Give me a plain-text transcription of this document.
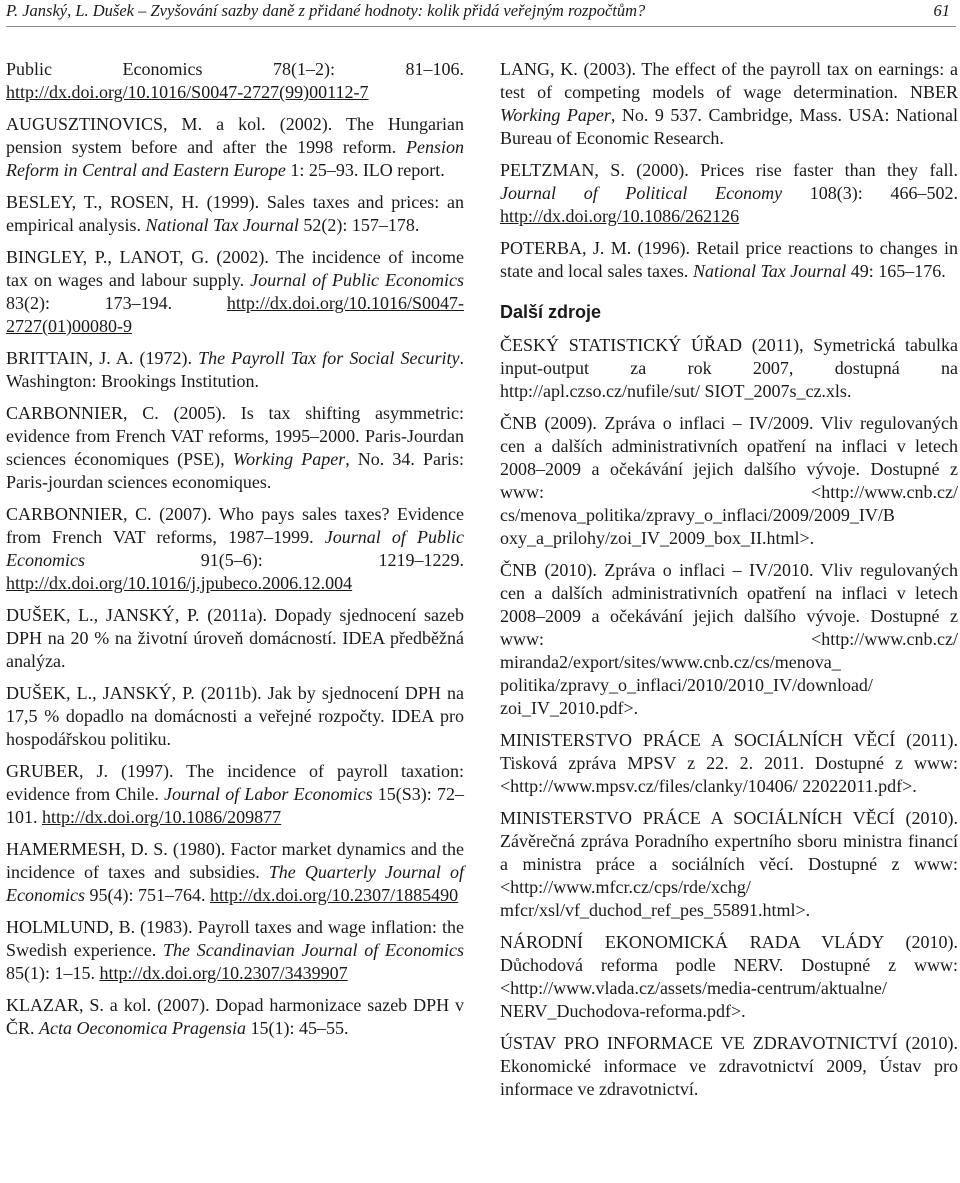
P. Janský, L. Dušek – Zvyšování sazby daně z přidané hodnoty: kolik přidá veřejným rozpočtům?	61
Public Economics 78(1–2): 81–106. http://dx.doi.org/10.1016/S0047-2727(99)00112-7
AUGUSZTINOVICS, M. a kol. (2002). The Hungarian pension system before and after the 1998 reform. Pension Reform in Central and Eastern Europe 1: 25–93. ILO report.
BESLEY, T., ROSEN, H. (1999). Sales taxes and prices: an empirical analysis. National Tax Journal 52(2): 157–178.
BINGLEY, P., LANOT, G. (2002). The incidence of income tax on wages and labour supply. Journal of Public Economics 83(2): 173–194. http://dx.doi.org/10.1016/S0047-2727(01)00080-9
BRITTAIN, J. A. (1972). The Payroll Tax for Social Security. Washington: Brookings Institution.
CARBONNIER, C. (2005). Is tax shifting asymmetric: evidence from French VAT reforms, 1995–2000. Paris-Jourdan sciences économiques (PSE), Working Paper, No. 34. Paris: Paris-jourdan sciences economiques.
CARBONNIER, C. (2007). Who pays sales taxes? Evidence from French VAT reforms, 1987–1999. Journal of Public Economics 91(5–6): 1219–1229. http://dx.doi.org/10.1016/j.jpubeco.2006.12.004
DUŠEK, L., JANSKÝ, P. (2011a). Dopady sjednocení sazeb DPH na 20 % na životní úroveň domácností. IDEA předběžná analýza.
DUŠEK, L., JANSKÝ, P. (2011b). Jak by sjednocení DPH na 17,5 % dopadlo na domácnosti a veřejné rozpočty. IDEA pro hospodářskou politiku.
GRUBER, J. (1997). The incidence of payroll taxation: evidence from Chile. Journal of Labor Economics 15(S3): 72–101. http://dx.doi.org/10.1086/209877
HAMERMESH, D. S. (1980). Factor market dynamics and the incidence of taxes and subsidies. The Quarterly Journal of Economics 95(4): 751–764. http://dx.doi.org/10.2307/1885490
HOLMLUND, B. (1983). Payroll taxes and wage inflation: the Swedish experience. The Scandinavian Journal of Economics 85(1): 1–15. http://dx.doi.org/10.2307/3439907
KLAZAR, S. a kol. (2007). Dopad harmonizace sazeb DPH v ČR. Acta Oeconomica Pragensia 15(1): 45–55.
LANG, K. (2003). The effect of the payroll tax on earnings: a test of competing models of wage determination. NBER Working Paper, No. 9 537. Cambridge, Mass. USA: National Bureau of Economic Research.
PELTZMAN, S. (2000). Prices rise faster than they fall. Journal of Political Economy 108(3): 466–502. http://dx.doi.org/10.1086/262126
POTERBA, J. M. (1996). Retail price reactions to changes in state and local sales taxes. National Tax Journal 49: 165–176.
Další zdroje
ČESKÝ STATISTICKÝ ÚŘAD (2011), Symetrická tabulka input-output za rok 2007, dostupná na http://apl.czso.cz/nufile/sut/ SIOT_2007s_cz.xls.
ČNB (2009). Zpráva o inflaci – IV/2009. Vliv regulovaných cen a dalších administrativních opatření na inflaci v letech 2008–2009 a očekávání jejich dalšího vývoje. Dostupné z www: <http://www.cnb.cz/ cs/menova_politika/zpravy_o_inflaci/2009/2009_IV/B oxy_a_prilohy/zoi_IV_2009_box_II.html>.
ČNB (2010). Zpráva o inflaci – IV/2010. Vliv regulovaných cen a dalších administrativních opatření na inflaci v letech 2008–2009 a očekávání jejich dalšího vývoje. Dostupné z www: <http://www.cnb.cz/ miranda2/export/sites/www.cnb.cz/cs/menova_ politika/zpravy_o_inflaci/2010/2010_IV/download/ zoi_IV_2010.pdf>.
MINISTERSTVO PRÁCE A SOCIÁLNÍCH VĚCÍ (2011). Tisková zpráva MPSV z 22. 2. 2011. Dostupné z www: <http://www.mpsv.cz/files/clanky/10406/ 22022011.pdf>.
MINISTERSTVO PRÁCE A SOCIÁLNÍCH VĚCÍ (2010). Závěrečná zpráva Poradního expertního sboru ministra financí a ministra práce a sociálních věcí. Dostupné z www: <http://www.mfcr.cz/cps/rde/xchg/ mfcr/xsl/vf_duchod_ref_pes_55891.html>.
NÁRODNÍ EKONOMICKÁ RADA VLÁDY (2010). Důchodová reforma podle NERV. Dostupné z www: <http://www.vlada.cz/assets/media-centrum/aktualne/ NERV_Duchodova-reforma.pdf>.
ÚSTAV PRO INFORMACE VE ZDRAVOTNICTVÍ (2010). Ekonomické informace ve zdravotnictví 2009, Ústav pro informace ve zdravotnictví.
